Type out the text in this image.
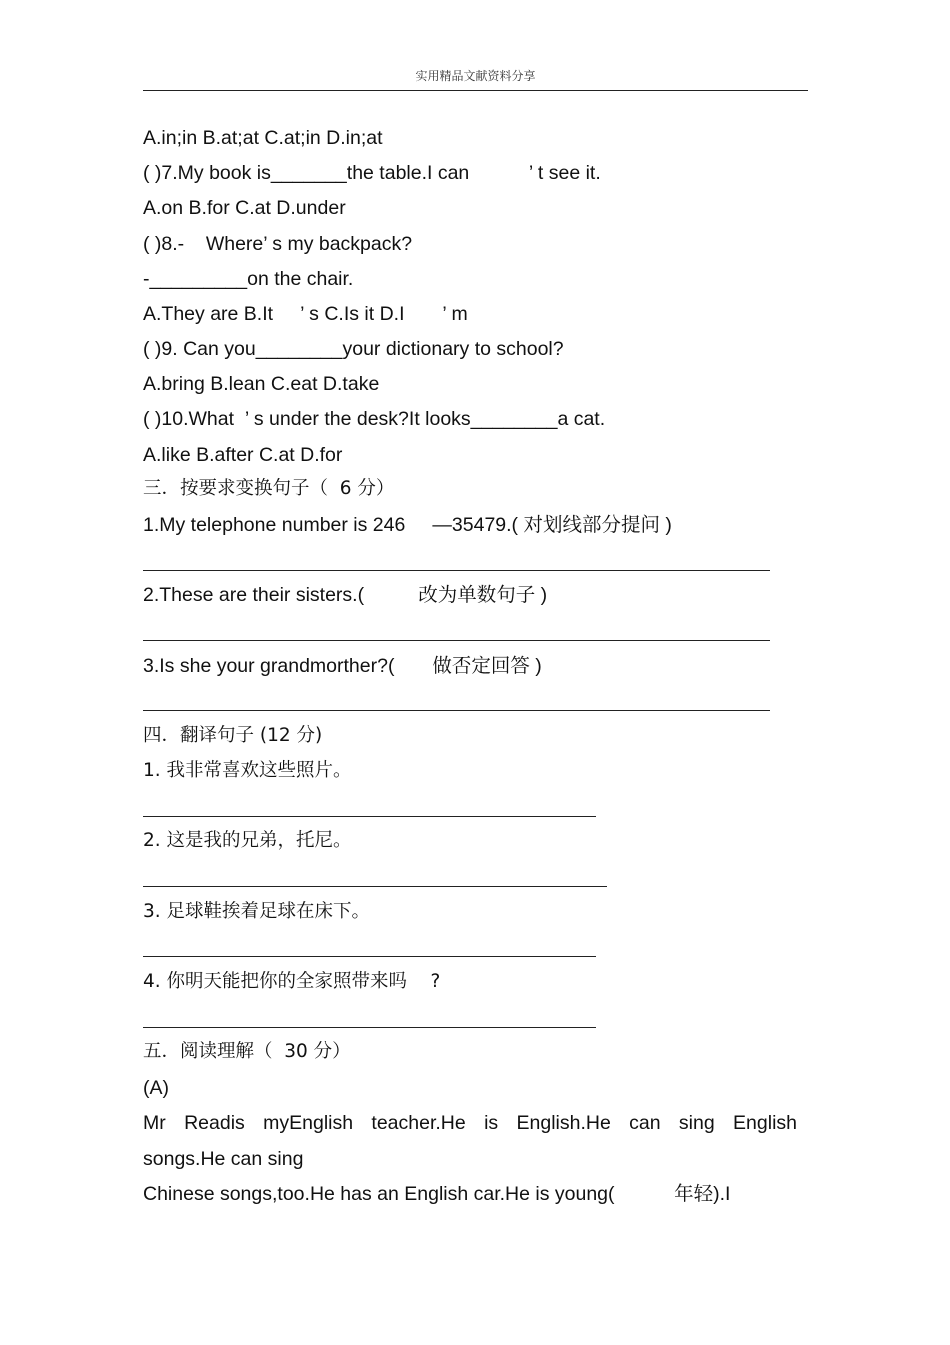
实用精品文献资料分享
A.in;in B.at;at C.at;in D.in;at
( )7.My book is_______the table.I can           ’ t see it.
A.on B.for C.at D.under
( )8.-    Where’ s my backpack?
-_________on the chair.
A.They are B.It     ’ s C.Is it D.I       ’ m
( )9. Can you________your dictionary to school?
A.bring B.lean C.eat D.take
( )10.What  ’ s under the desk?It looks________a cat.
A.like B.after C.at D.for
三．按要求变换句子（  6 分）
1.My telephone number is 246     —35479.( 对划线部分提问 )
2.These are their sisters.(          改为单数句子 )
3.Is she your grandmorther?(       做否定回答 )
四．翻译句子 (12 分)
1. 我非常喜欢这些照片。
2. 这是我的兄弟，托尼。
3. 足球鞋挨着足球在床下。
4. 你明天能把你的全家照带来吗    ?
五．阅读理解（  30 分）
(A)
Mr Readis myEnglish teacher.He is English.He can sing English
songs.He can sing
Chinese songs,too.He has an English car.He is young(           年轻).I
